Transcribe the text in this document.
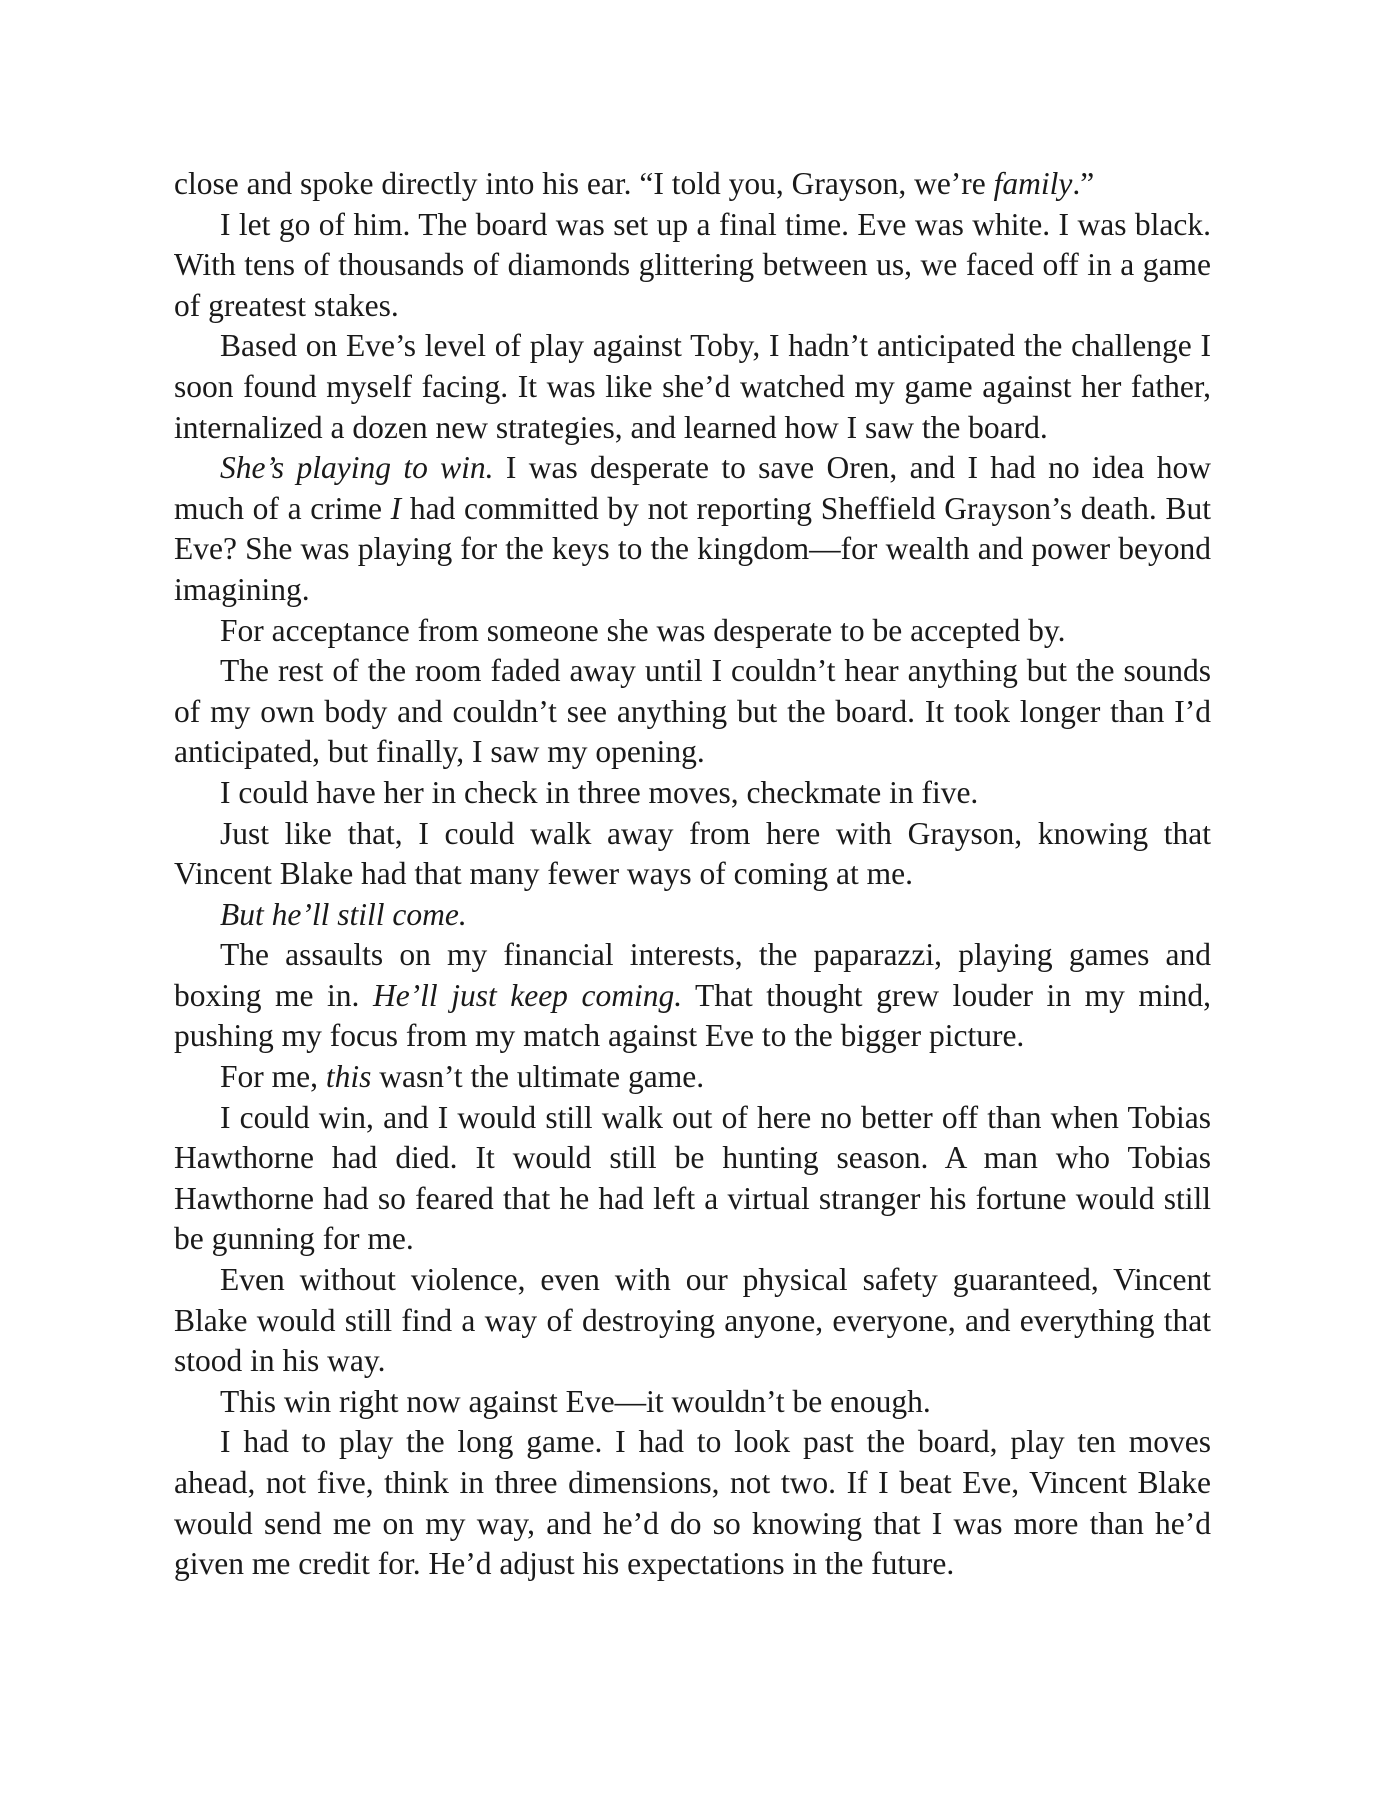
close and spoke directly into his ear. “I told you, Grayson, we’re family.”

I let go of him. The board was set up a final time. Eve was white. I was black. With tens of thousands of diamonds glittering between us, we faced off in a game of greatest stakes.

Based on Eve’s level of play against Toby, I hadn’t anticipated the challenge I soon found myself facing. It was like she’d watched my game against her father, internalized a dozen new strategies, and learned how I saw the board.

She’s playing to win. I was desperate to save Oren, and I had no idea how much of a crime I had committed by not reporting Sheffield Grayson’s death. But Eve? She was playing for the keys to the kingdom—for wealth and power beyond imagining.

For acceptance from someone she was desperate to be accepted by.

The rest of the room faded away until I couldn’t hear anything but the sounds of my own body and couldn’t see anything but the board. It took longer than I’d anticipated, but finally, I saw my opening.

I could have her in check in three moves, checkmate in five.

Just like that, I could walk away from here with Grayson, knowing that Vincent Blake had that many fewer ways of coming at me.

But he’ll still come.

The assaults on my financial interests, the paparazzi, playing games and boxing me in. He’ll just keep coming. That thought grew louder in my mind, pushing my focus from my match against Eve to the bigger picture.

For me, this wasn’t the ultimate game.

I could win, and I would still walk out of here no better off than when Tobias Hawthorne had died. It would still be hunting season. A man who Tobias Hawthorne had so feared that he had left a virtual stranger his fortune would still be gunning for me.

Even without violence, even with our physical safety guaranteed, Vincent Blake would still find a way of destroying anyone, everyone, and everything that stood in his way.

This win right now against Eve—it wouldn’t be enough.

I had to play the long game. I had to look past the board, play ten moves ahead, not five, think in three dimensions, not two. If I beat Eve, Vincent Blake would send me on my way, and he’d do so knowing that I was more than he’d given me credit for. He’d adjust his expectations in the future.
